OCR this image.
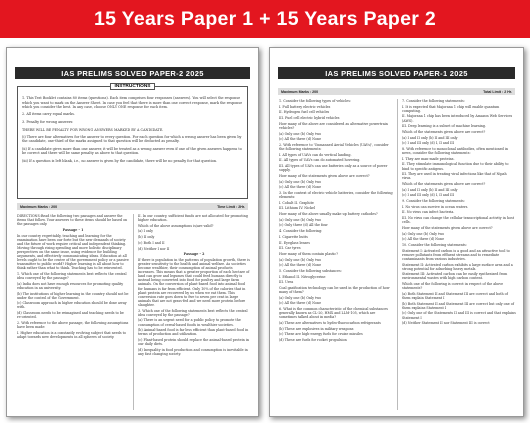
15 Years Paper 1 + 15 Years Paper 2
IAS PRELIMS SOLVED PAPER-2 2025
INSTRUCTIONS

1. This Test Booklet contains 80 items (questions). Each item comprises four responses (answers). You will select the response which you want to mark on the Answer Sheet. In case you feel that there is more than one correct response, mark the response which you consider the best. In any case, choose ONLY ONE response for each item.

2. All items carry equal marks.

3. Penalty for wrong answers:

THERE WILL BE PENALTY FOR WRONG ANSWERS MARKED BY A CANDIDATE.

(i) There are four alternatives for the answer to every question. For each question for which a wrong answer has been given by the candidate, one-third of the marks assigned to that question will be deducted as penalty.

(ii) If a candidate gives more than one answer, it will be treated as a wrong answer even if one of the given answers happens to be correct and there will be same penalty as above to that question.

(iii) If a question is left blank, i.e., no answer is given by the candidate, there will be no penalty for that question.

Maximum Marks : 200	Time Limit : 2Hr.

DIRECTIONS:Read the following two passages and answer the items that follow. Your answers to these items should be based on the passages only.

Passage - 1

In our country regrettably, teaching and learning for the examination have been our forte but the new demands of society and the future of work require critical and independent thinking. Moving through rising spending and more holistic disciplinary perspectives on the same issue, using evidence for building arguments, and effectively communicating ideas. Education at all levels ought to be the centre of the government policy or a passive transmitter to public world? Higher learning is all about how to think rather than what to think. Teaching has to be reinvented.

1. Which one of the following statements best reflects the central idea conveyed by the passage?

(a) India does not have enough resources for promoting quality education in an university.

(b) The institutions of higher learning in the country should not be under the control of the Government.

(c) Classroom approach in higher education should be done away with.

(d) Classroom needs to be reimagined and teaching needs to be re-oriented.

2. With reference to the above passage, the following assumptions have been made:

I. Higher education is a constantly evolving subject that needs to adapt towards new developments in all spheres of society.

II. In our country, sufficient funds are not allocated for promoting higher education.

Which of the above assumptions is/are valid?

(a) I only

(b) II only

(c) Both I and II

(d) Neither I nor II

Passage - 2

If there is population in the patterns of population growth, there is greater sensitivity to the health and animal welfare. As societies become wealthier, their consumption of animal products increases. This means that a greater proportion of each hectare of land can grow and legumes that could feed humans directly is instead being converted into food for poultry and large farm animals. On the conversion of plant-based food into animal food for humans is far from efficient. Only 10% of the calories that in plant protein are recovered by us when we eat them. This conversion rate goes down to five to seven per cent in large animals that are not grass-fed and we need more protein before slaughter.

3. Which one of the following statements best reflects the central idea conveyed by the passage?

(a) There is an urgent need for a public policy to promote the consumption of cereal-based foods in wealthier societies.

(b) Animal-based food is far less efficient than plant-based food in terms of production and utilization.

(c) Plant-based protein should replace the animal-based protein in our daily diets.

(d) Inequality in food production and consumption is inevitable in any fast changing society.

IAS PRELIMS SOLVED PAPER-1 2025
Maximum Marks : 200	Total Limit : 2 Hr.

1. Consider the following types of vehicles:

I. Full battery electric vehicles

II. Hydrogen fuel cell vehicles

III. Fuel cell electric hybrid vehicles

How many of the above are considered as alternative powertrain vehicles?

(a) Only one (b) Only two

(c) All the three (d) None

2. With reference to 'Unmanned Aerial Vehicles (UAVs)', consider the following statements:

I. All types of UAVs can do vertical landing.

II. All types of UAVs can do automated hovering.

III. All types of UAVs can use batteries only as a source of power supply.

How many of the statements given above are correct?

(a) Only one (b) Only two

(c) All the three (d) None

3. In the context of electric vehicle batteries, consider the following elements:

I. Cobalt II. Graphite

III. Lithium IV. Nickel

How many of the above usually make up battery cathodes?

(a) Only one (b) Only two

(c) Only three (d) All the four

4. Consider the following:

I. Cigarette butts

II. Eyeglass lenses

III. Car tyres

How many of them contain plastic?

(a) Only one (b) Only two

(c) All the three (d) None

5. Consider the following substances:

I. Ethanol II. Nitroglycerine

III. Urea

Coal gasification technology can be used in the production of how many of them?

(a) Only one (b) Only two

(c) All the three (d) None

6. What is the common characteristic of the chemical substances generally known as CL-20, HMX and LLM-105, which are sometimes talked about in media?

(a) These are alternatives to hydro-fluorocarbon refrigerants

(b) These are explosives in military weapons

(c) These are high-energy fuels for cruise missiles

(d) These are fuels for rocket propulsion

7. Consider the following statements:

I. It is expected that Majorana 1 chip will enable quantum computing.

II. Majorana 1 chip has been introduced by Amazon Web Services (AWS).

III. Deep learning is a subset of machine learning.

Which of the statements given above are correct?

(a) I and II only (b) II and III only

(c) I and III only (d) I, II and III

8. With reference to monoclonal antibodies, often mentioned in news, consider the following statements:

I. They are man-made proteins.

II. They stimulate immunological function due to their ability to bind to specific antigens.

III. They are used in treating viral infections like that of Nipah virus.

Which of the statements given above are correct?

(a) I and II only (b) II and III only

(c) I and III only (d) I, II and III

9. Consider the following statements:

I. No virus can survive in ocean waters.

II. No virus can infect bacteria.

III. No virus can change the cellular transcriptional activity in host cells.

How many of the statements given above are correct?

(a) Only one (b) Only two

(c) All the three (d) None

10. Consider the following statements:

Statement I: Activated carbon is a good and an attractive tool to remove pollutants from effluent streams and to remediate contaminants from various industries.

Statement II: Activated carbon exhibits a large surface area and a strong potential for adsorbing heavy metals.

Statement III: Activated carbon can be easily synthesized from environmental wastes with high carbon content.

Which one of the following is correct in respect of the above statements?

(a) Both Statement II and Statement III are correct and both of them explain Statement I

(b) Both Statement II and Statement III are correct but only one of them explains Statement I

(c) Only one of the Statements II and III is correct and that explains Statement I

(d) Neither Statement II nor Statement III is correct
